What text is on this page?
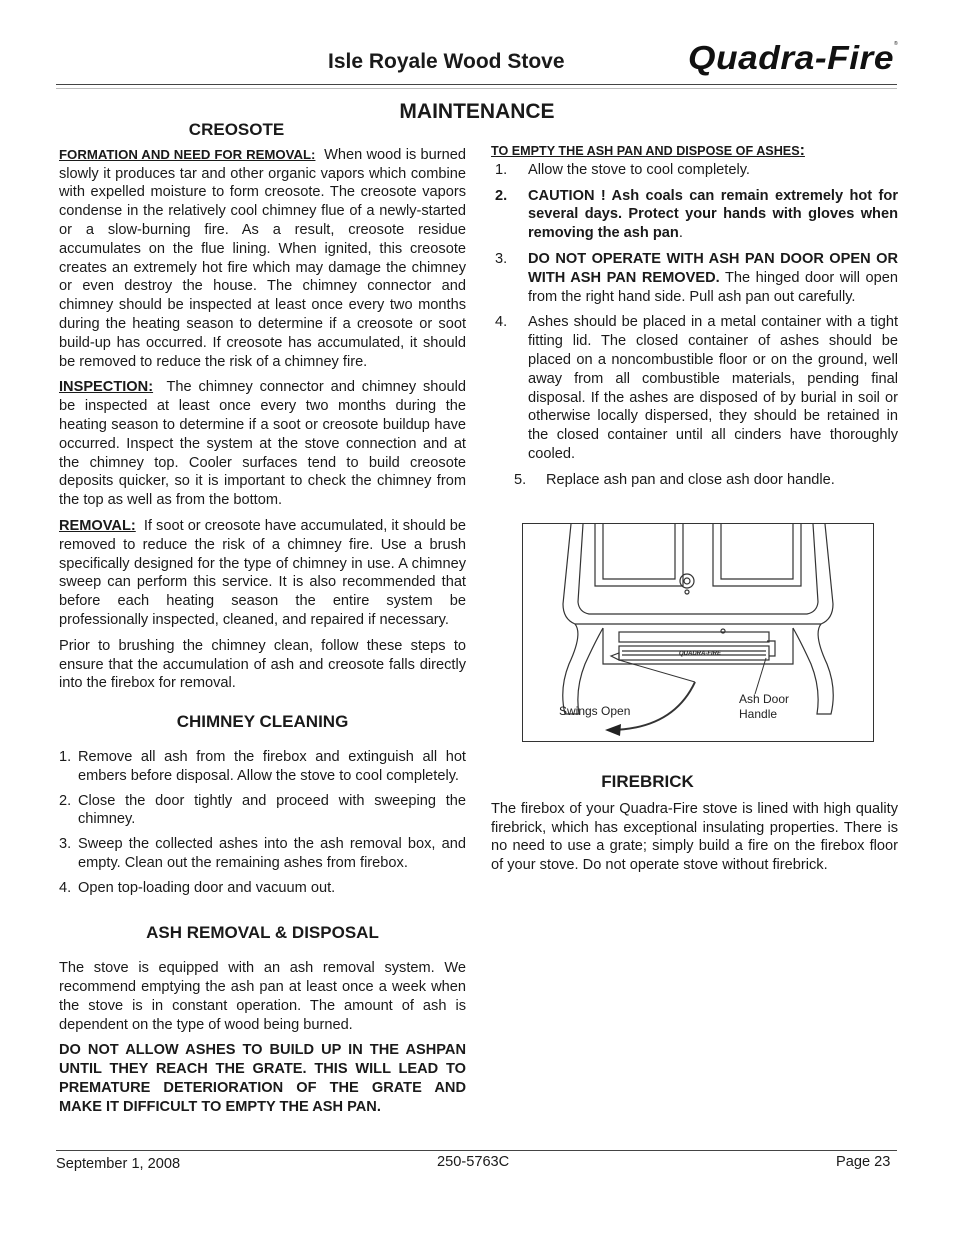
Isle Royale Wood Stove	Quadra-Fire ®
MAINTENANCE
CREOSOTE

FORMATION AND NEED FOR REMOVAL: When wood is burned slowly it produces tar and other organic vapors which combine with expelled moisture to form creosote. The creosote vapors condense in the relatively cool chimney flue of a newly-started or a slow-burning fire. As a result, creosote residue accumulates on the flue lining. When ignited, this creosote creates an extremely hot fire which may damage the chimney or even destroy the house. The chimney connector and chimney should be inspected at least once every two months during the heating season to determine if a creosote or soot build-up has occurred. If creosote has accumulated, it should be removed to reduce the risk of a chimney fire.

INSPECTION: The chimney connector and chimney should be inspected at least once every two months during the heating season to determine if a soot or creosote buildup have occurred. Inspect the system at the stove connection and at the chimney top. Cooler surfaces tend to build creosote deposits quicker, so it is important to check the chimney from the top as well as from the bottom.

REMOVAL: If soot or creosote have accumulated, it should be removed to reduce the risk of a chimney fire. Use a brush specifically designed for the type of chimney in use. A chimney sweep can perform this service. It is also recommended that before each heating season the entire system be professionally inspected, cleaned, and repaired if necessary.

Prior to brushing the chimney clean, follow these steps to ensure that the accumulation of ash and creosote falls directly into the firebox for removal.

CHIMNEY CLEANING
1. Remove all ash from the firebox and extinguish all hot embers before disposal. Allow the stove to cool completely.
2. Close the door tightly and proceed with sweeping the chimney.
3. Sweep the collected ashes into the ash removal box, and empty. Clean out the remaining ashes from firebox.
4. Open top-loading door and vacuum out.
ASH REMOVAL & DISPOSAL

The stove is equipped with an ash removal system. We recommend emptying the ash pan at least once a week when the stove is in constant operation. The amount of ash is dependent on the type of wood being burned.

DO NOT ALLOW ASHES TO BUILD UP IN THE ASHPAN UNTIL THEY REACH THE GRATE. THIS WILL LEAD TO PREMATURE DETERIORATION OF THE GRATE AND MAKE IT DIFFICULT TO EMPTY THE ASH PAN.

TO EMPTY THE ASH PAN AND DISPOSE OF ASHES:
1. Allow the stove to cool completely.
2. CAUTION ! Ash coals can remain extremely hot for several days. Protect your hands with gloves when removing the ash pan.
3. DO NOT OPERATE WITH ASH PAN DOOR OPEN OR WITH ASH PAN REMOVED. The hinged door will open from the right hand side. Pull ash pan out carefully.
4. Ashes should be placed in a metal container with a tight fitting lid. The closed container of ashes should be placed on a noncombustible floor or on the ground, well away from all combustible materials, pending final disposal. If the ashes are disposed of by burial in soil or otherwise locally dispersed, they should be retained in the closed container until all cinders have thoroughly cooled.
5. Replace ash pan and close ash door handle.
QUADRA-FIRE
Swings Open
Ash Door
Handle
FIREBRICK

The firebox of your Quadra-Fire stove is lined with high quality firebrick, which has exceptional insulating properties. There is no need to use a grate; simply build a fire on the firebox floor of your stove. Do not operate stove without firebrick.

September 1, 2008	250-5763C	Page 23
